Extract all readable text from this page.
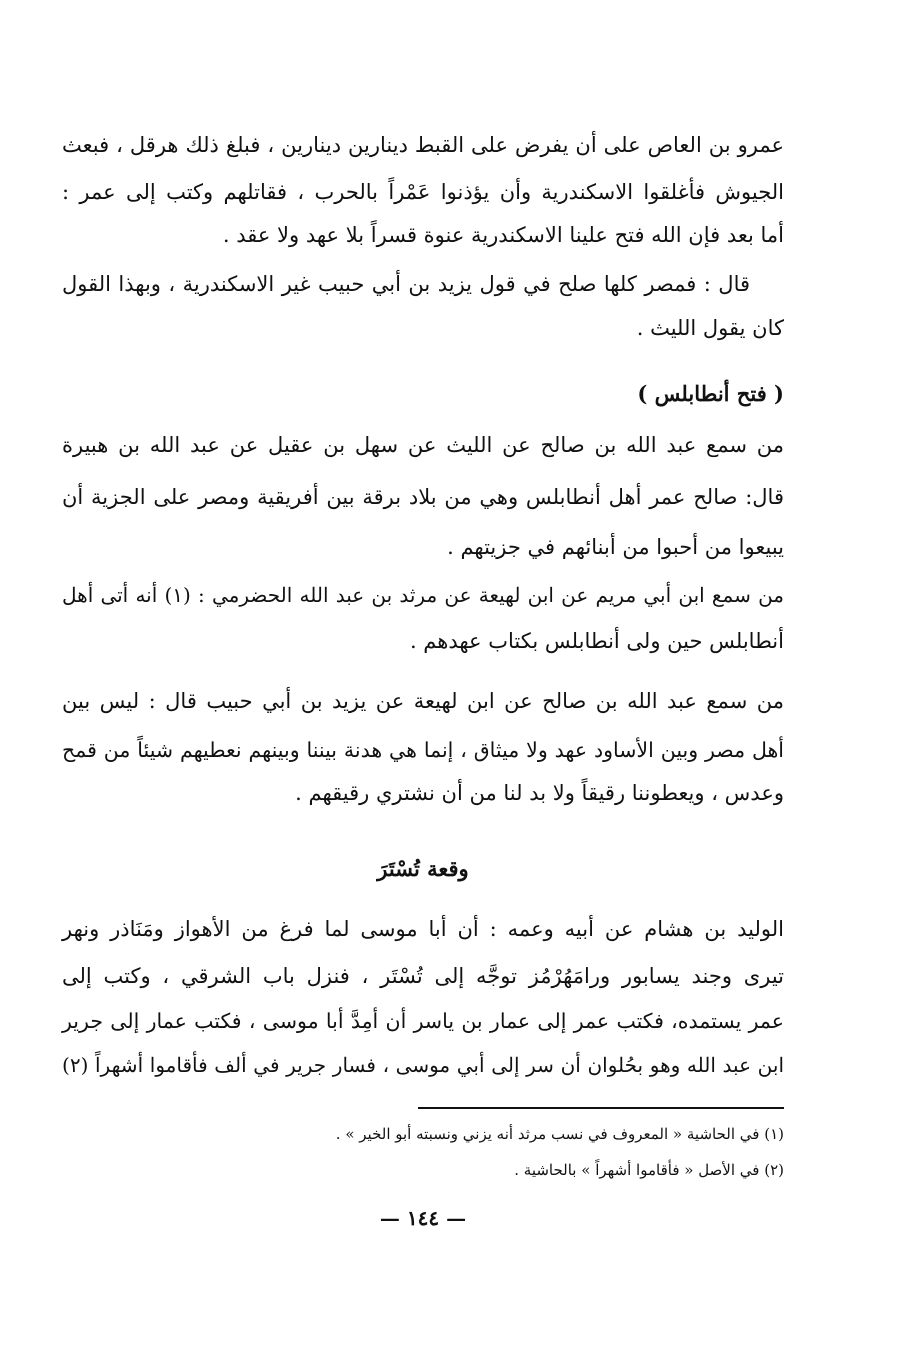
عمرو بن العاص على أن يفرض على القبط دينارين دينارين ، فبلغ ذلك هرقل ، فبعث
الجيوش فأغلقوا الاسكندرية وأن يؤذنوا عَمْراً بالحرب ، فقاتلهم وكتب إلى عمر :
أما بعد فإن الله فتح علينا الاسكندرية عنوة قسراً بلا عهد ولا عقد .
قال : فمصر كلها صلح في قول يزيد بن أبي حبيب غير الاسكندرية ، وبهذا القول
كان يقول الليث .
( فتح أنطابلس )
من سمع عبد الله بن صالح عن الليث عن سهل بن عقيل عن عبد الله بن هبيرة
قال: صالح عمر أهل أنطابلس وهي من بلاد برقة بين أفريقية ومصر على الجزية أن
يبيعوا من أحبوا من أبنائهم في جزيتهم .
من سمع ابن أبي مريم عن ابن لهيعة عن مرثد بن عبد الله الحضرمي : (١) أنه أتى أهل
أنطابلس حين ولى أنطابلس بكتاب عهدهم .
من سمع عبد الله بن صالح عن ابن لهيعة عن يزيد بن أبي حبيب قال : ليس بين
أهل مصر وبين الأساود عهد ولا ميثاق ، إنما هي هدنة بيننا وبينهم نعطيهم شيئاً من قمح
وعدس ، ويعطوننا رقيقاً ولا بد لنا من أن نشتري رقيقهم .
وقعة تُسْتَرَ
الوليد بن هشام عن أبيه وعمه : أن أبا موسى لما فرغ من الأهواز ومَنَاذر ونهر
تيرى وجند يسابور ورامَهُرْمُز توجَّه إلى تُسْتَر ، فنزل باب الشرقي ، وكتب إلى
عمر يستمده، فكتب عمر إلى عمار بن ياسر أن أمِدَّ أبا موسى ، فكتب عمار إلى جرير
ابن عبد الله وهو بحُلوان أن سر إلى أبي موسى ، فسار جرير في ألف فأقاموا أشهراً (٢)
(١) في الحاشية « المعروف في نسب مرثد أنه يزني ونسبته أبو الخير » .
(٢) في الأصل « فأقاموا أشهراً » بالحاشية .
— ١٤٤ —
